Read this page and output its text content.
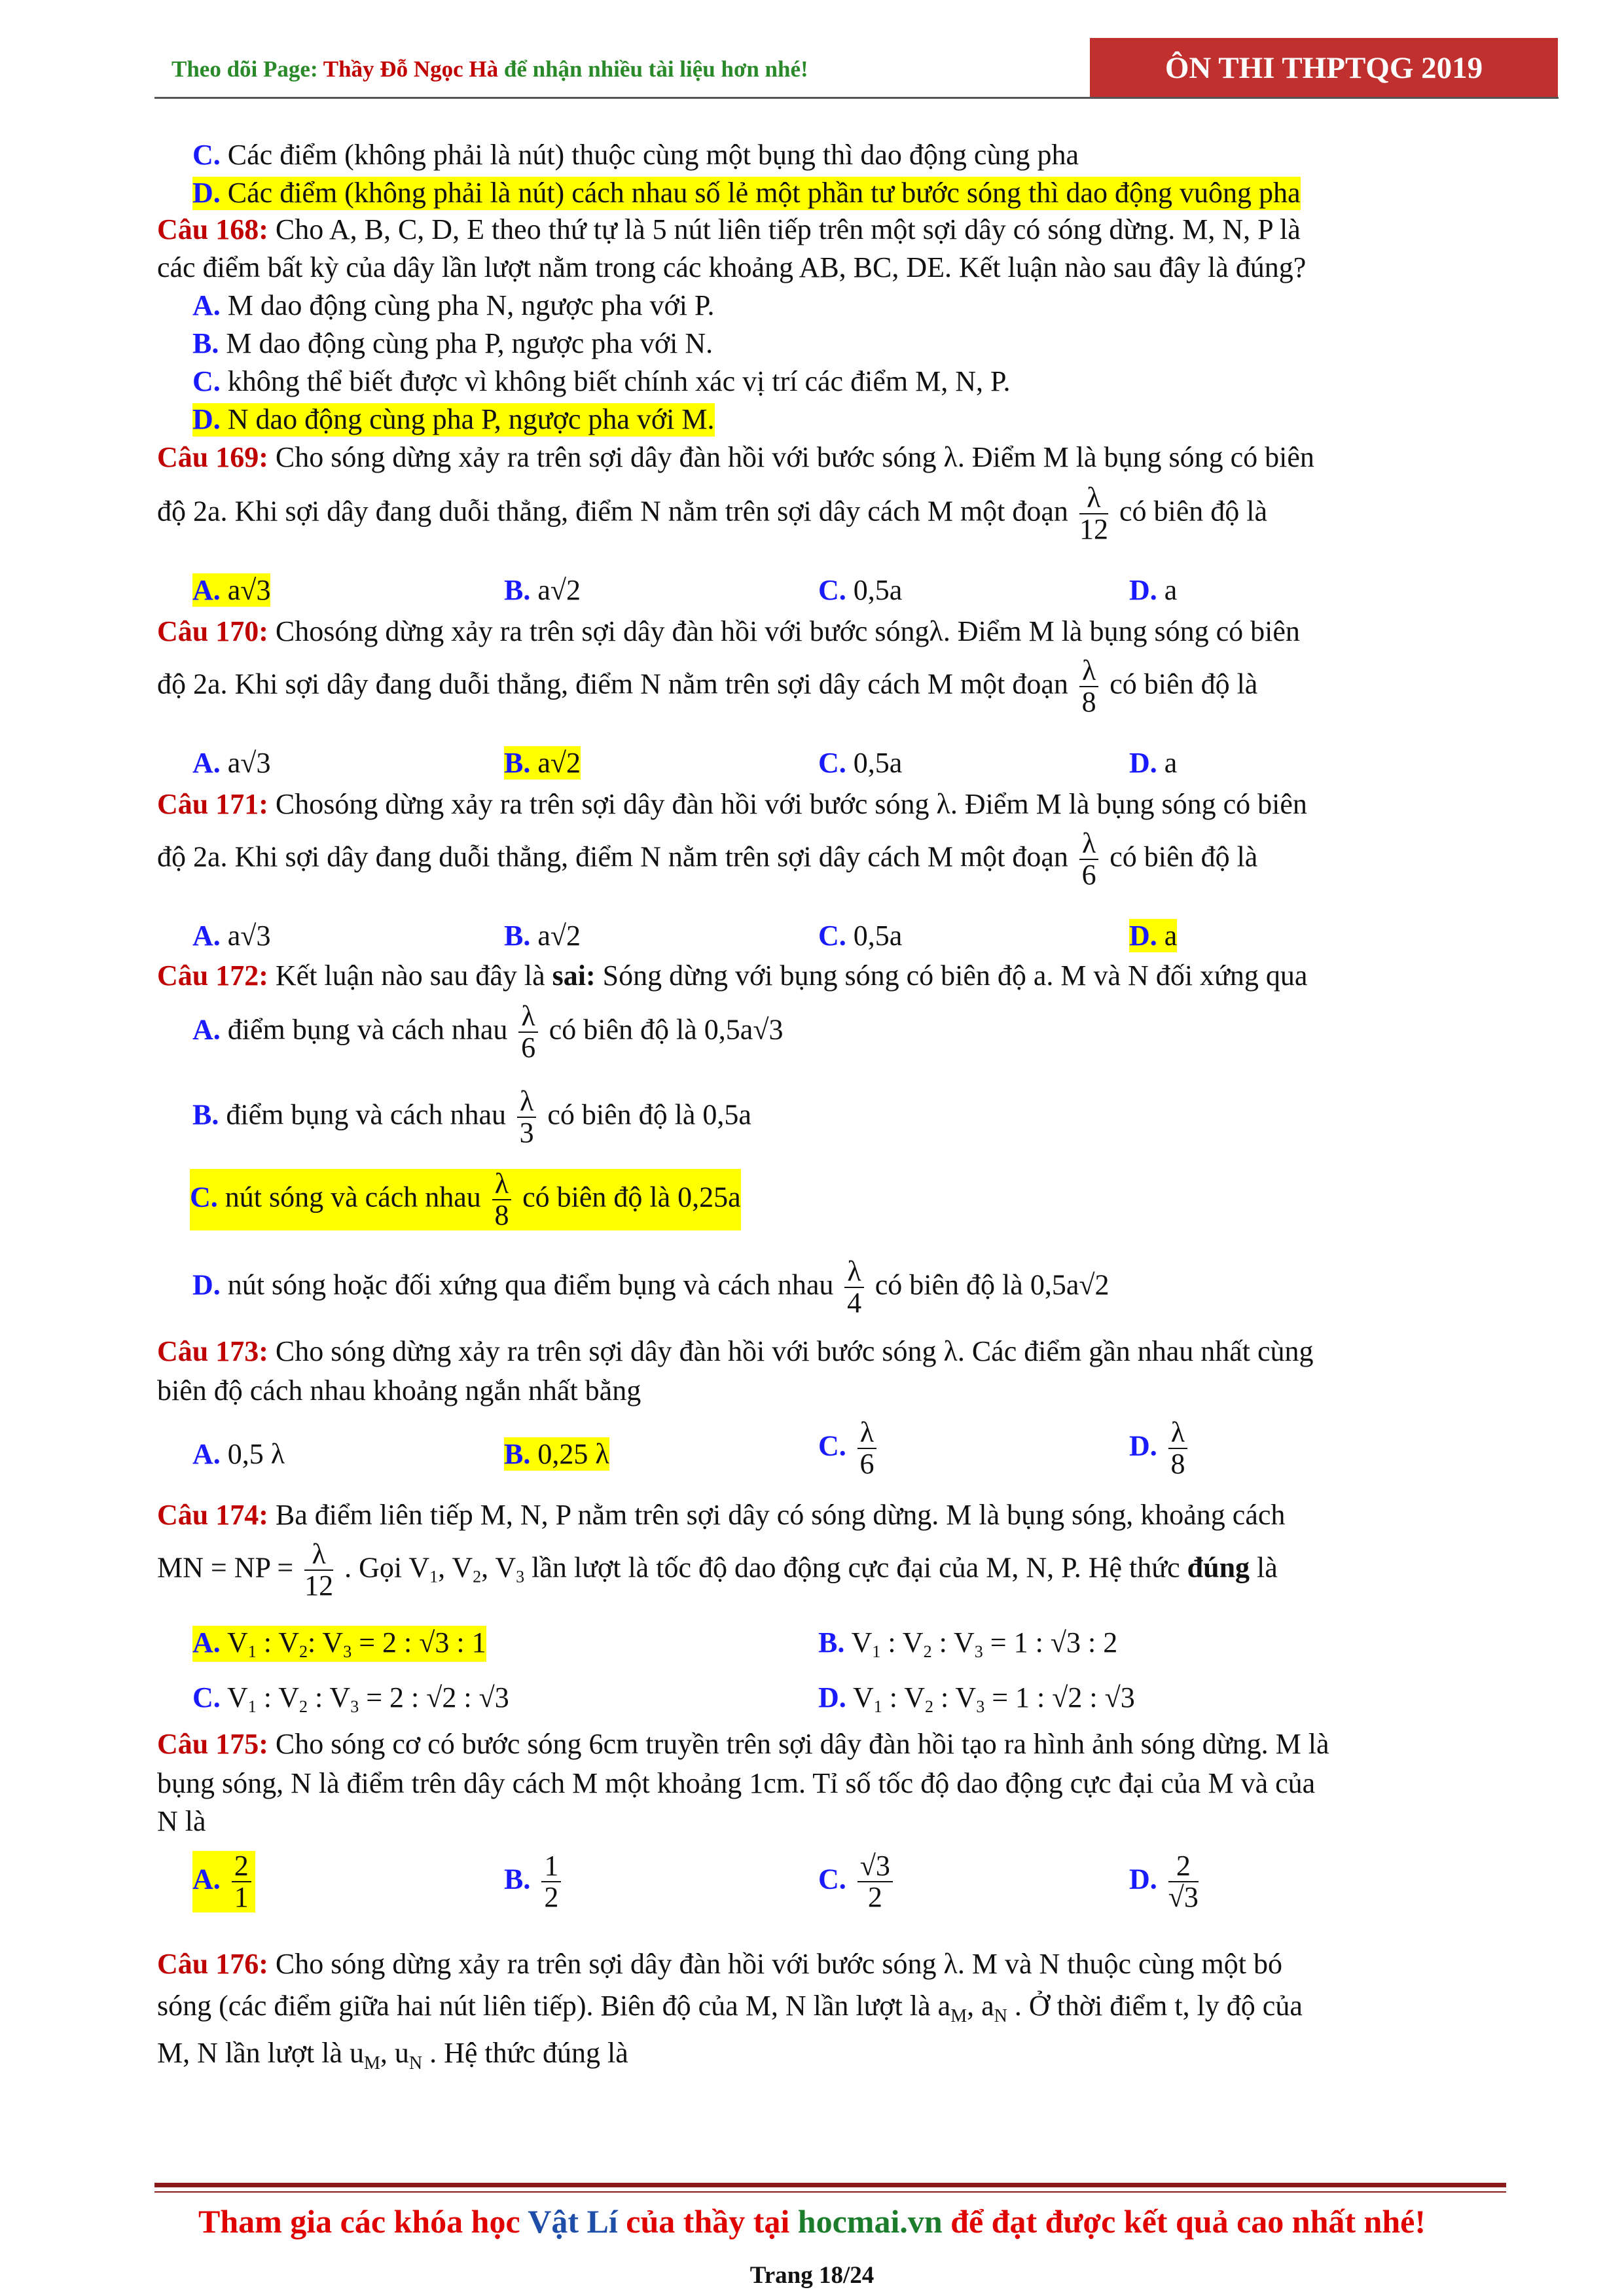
Theo dõi Page: Thầy Đỗ Ngọc Hà để nhận nhiều tài liệu hơn nhé!	ÔN THI THPTQG 2019
C. Các điểm (không phải là nút) thuộc cùng một bụng thì dao động cùng pha
D. Các điểm (không phải là nút) cách nhau số lẻ một phần tư bước sóng thì dao động vuông pha
Câu 168: Cho A, B, C, D, E theo thứ tự là 5 nút liên tiếp trên một sợi dây có sóng dừng. M, N, P là
các điểm bất kỳ của dây lần lượt nằm trong các khoảng AB, BC, DE. Kết luận nào sau đây là đúng?
A. M dao động cùng pha N, ngược pha với P.
B. M dao động cùng pha P, ngược pha với N.
C. không thể biết được vì không biết chính xác vị trí các điểm M, N, P.
D. N dao động cùng pha P, ngược pha với M.
Câu 169: Cho sóng dừng xảy ra trên sợi dây đàn hồi với bước sóng λ. Điểm M là bụng sóng có biên
độ 2a. Khi sợi dây đang duỗi thẳng, điểm N nằm trên sợi dây cách M một đoạn $\frac{\lambda}{12}$ có biên độ là
A. a√3	B. a√2	C. 0,5a	D. a
Câu 170: Chosóng dừng xảy ra trên sợi dây đàn hồi với bước sóngλ. Điểm M là bụng sóng có biên
độ 2a. Khi sợi dây đang duỗi thẳng, điểm N nằm trên sợi dây cách M một đoạn $\frac{\lambda}{8}$ có biên độ là
A. a√3	B. a√2	C. 0,5a	D. a
Câu 171: Chosóng dừng xảy ra trên sợi dây đàn hồi với bước sóng λ. Điểm M là bụng sóng có biên
độ 2a. Khi sợi dây đang duỗi thẳng, điểm N nằm trên sợi dây cách M một đoạn $\frac{\lambda}{6}$ có biên độ là
A. a√3	B. a√2	C. 0,5a	D. a
Câu 172: Kết luận nào sau đây là sai: Sóng dừng với bụng sóng có biên độ a. M và N đối xứng qua
A. điểm bụng và cách nhau $\frac{\lambda}{6}$ có biên độ là 0,5a√3
B. điểm bụng và cách nhau $\frac{\lambda}{3}$ có biên độ là 0,5a
C. nút sóng và cách nhau $\frac{\lambda}{8}$ có biên độ là 0,25a
D. nút sóng hoặc đối xứng qua điểm bụng và cách nhau $\frac{\lambda}{4}$ có biên độ là 0,5a√2
Câu 173: Cho sóng dừng xảy ra trên sợi dây đàn hồi với bước sóng λ. Các điểm gần nhau nhất cùng
biên độ cách nhau khoảng ngắn nhất bằng
A. 0,5 λ	B. 0,25 λ	C. $\frac{\lambda}{6}$	D. $\frac{\lambda}{8}$
Câu 174: Ba điểm liên tiếp M, N, P nằm trên sợi dây có sóng dừng. M là bụng sóng, khoảng cách
MN = NP = $\frac{\lambda}{12}$ . Gọi $V_1$, $V_2$, $V_3$ lần lượt là tốc độ dao động cực đại của M, N, P. Hệ thức đúng là
A. $V_1$ : $V_2$: $V_3 = 2$ : √3 : 1	B. $V_1$ : $V_2$ : $V_3 = 1$ : √3 : 2
C. $V_1$ : $V_2$ : $V_3 = 2$ : √2 : √3	D. $V_1$ : $V_2$ : $V_3 = 1$ : √2 : √3
Câu 175: Cho sóng cơ có bước sóng 6cm truyền trên sợi dây đàn hồi tạo ra hình ảnh sóng dừng. M là
bụng sóng, N là điểm trên dây cách M một khoảng 1cm. Tỉ số tốc độ dao động cực đại của M và của
N là
A. $\frac{2}{1}$	B. $\frac{1}{2}$	C. $\frac{√3}{2}$	D. $\frac{2}{√3}$
Câu 176: Cho sóng dừng xảy ra trên sợi dây đàn hồi với bước sóng λ. M và N thuộc cùng một bó
sóng (các điểm giữa hai nút liên tiếp). Biên độ của M, N lần lượt là $a_M$, $a_N$ . Ở thời điểm t, ly độ của
M, N lần lượt là $u_M$, $u_N$ . Hệ thức đúng là
Tham gia các khóa học Vật Lí của thầy tại hocmai.vn để đạt được kết quả cao nhất nhé!
Trang 18/24
